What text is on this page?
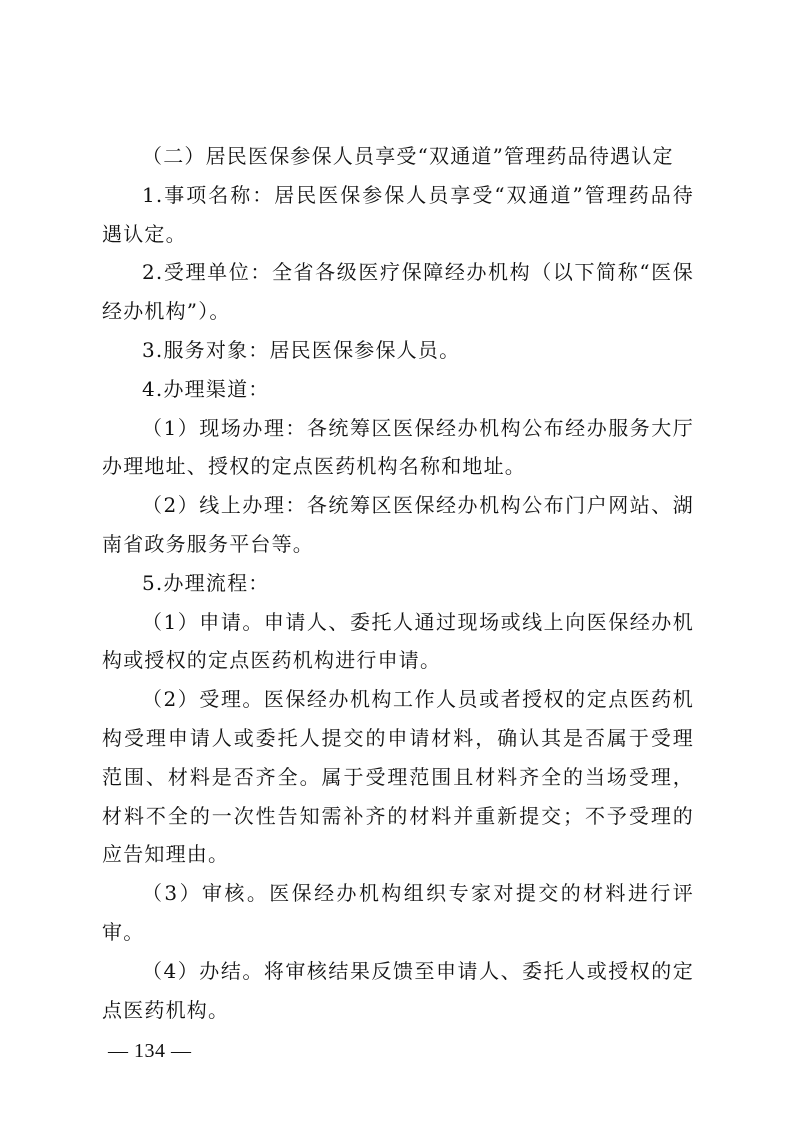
（二）居民医保参保人员享受“双通道”管理药品待遇认定

1.事项名称：居民医保参保人员享受“双通道”管理药品待遇认定。

2.受理单位：全省各级医疗保障经办机构（以下简称“医保经办机构”）。

3.服务对象：居民医保参保人员。

4.办理渠道：

（1）现场办理：各统筹区医保经办机构公布经办服务大厅办理地址、授权的定点医药机构名称和地址。

（2）线上办理：各统筹区医保经办机构公布门户网站、湖南省政务服务平台等。

5.办理流程：

（1）申请。申请人、委托人通过现场或线上向医保经办机构或授权的定点医药机构进行申请。

（2）受理。医保经办机构工作人员或者授权的定点医药机构受理申请人或委托人提交的申请材料，确认其是否属于受理范围、材料是否齐全。属于受理范围且材料齐全的当场受理，材料不全的一次性告知需补齐的材料并重新提交；不予受理的应告知理由。

（3）审核。医保经办机构组织专家对提交的材料进行评审。

（4）办结。将审核结果反馈至申请人、委托人或授权的定点医药机构。

— 134 —
